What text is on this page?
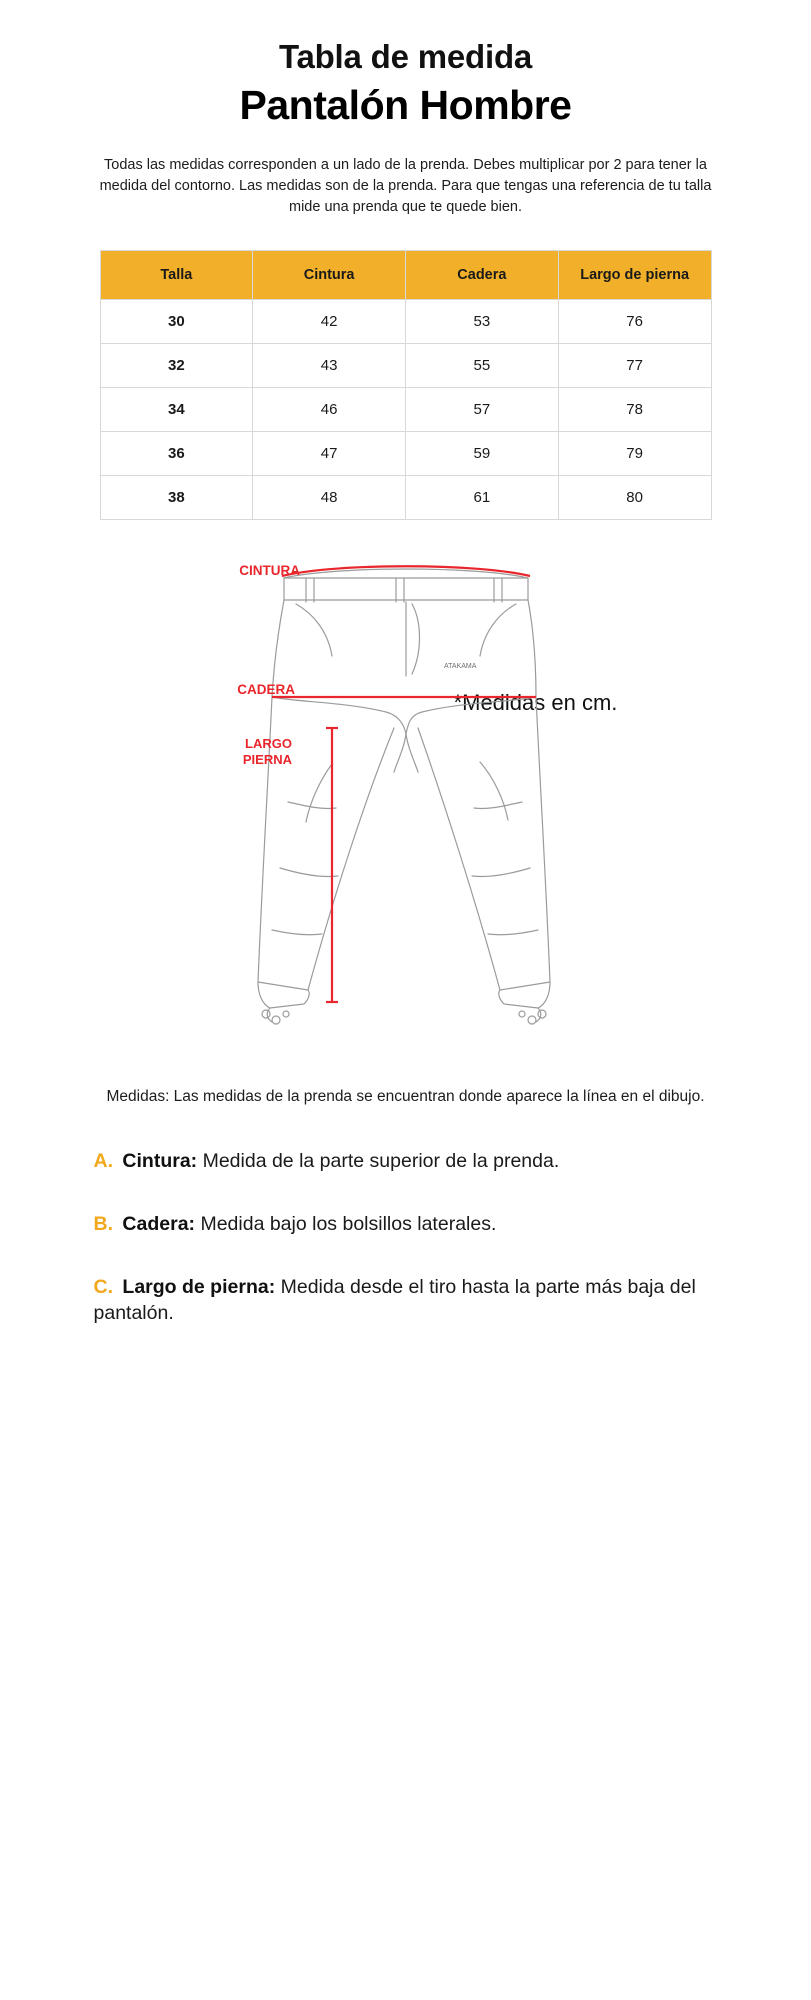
Tabla de medida
Pantalón Hombre

Todas las medidas corresponden a un lado de la prenda. Debes multiplicar por 2 para tener la medida del contorno. Las medidas son de la prenda. Para que tengas una referencia de tu talla mide una prenda que te quede bien.

Talla	Cintura	Cadera	Largo de pierna
30	42	53	76
32	43	55	77
34	46	57	78
36	47	59	79
38	48	61	80
*Medidas en cm.
ATAKAMA
CINTURA
CADERA
LARGO
PIERNA

Medidas: Las medidas de la prenda se encuentran donde aparece la línea en el dibujo.

A. Cintura: Medida de la parte superior de la prenda.
B. Cadera: Medida bajo los bolsillos laterales.
C. Largo de pierna: Medida desde el tiro hasta la parte más baja del pantalón.
